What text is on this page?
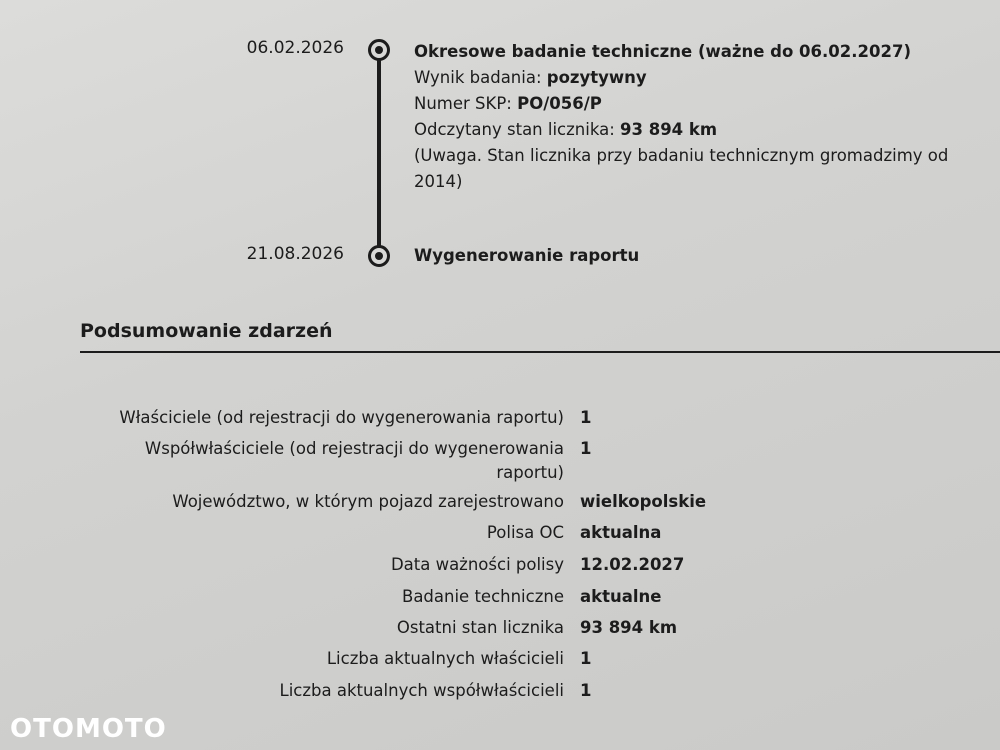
06.02.2026	Okresowe badanie techniczne (ważne do 06.02.2027)
Wynik badania: pozytywny
Numer SKP: PO/056/P
Odczytany stan licznika: 93 894 km
(Uwaga. Stan licznika przy badaniu technicznym gromadzimy od
2014)
21.08.2026	Wygenerowanie raportu
Podsumowanie zdarzeń
Właściciele (od rejestracji do wygenerowania raportu) 1
Współwłaściciele (od rejestracji do wygenerowania raportu)
1
Województwo, w którym pojazd zarejestrowano wielkopolskie
Polisa OC aktualna
Data ważności polisy 12.02.2027
Badanie techniczne aktualne
Ostatni stan licznika 93 894 km
Liczba aktualnych właścicieli 1
Liczba aktualnych współwłaścicieli 1
OTOMOTO
